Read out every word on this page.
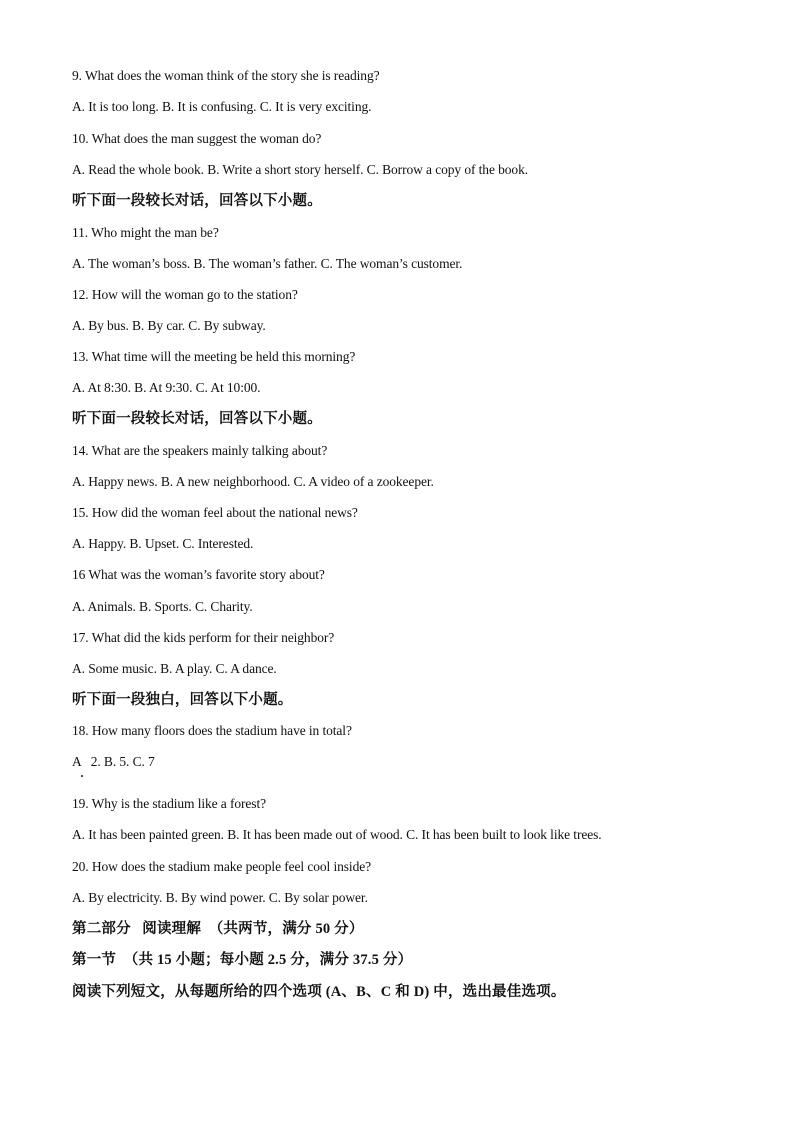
9. What does the woman think of the story she is reading?
A. It is too long. B. It is confusing. C. It is very exciting.
10. What does the man suggest the woman do?
A. Read the whole book. B. Write a short story herself. C. Borrow a copy of the book.
听下面一段较长对话，回答以下小题。
11. Who might the man be?
A. The woman’s boss. B. The woman’s father. C. The woman’s customer.
12. How will the woman go to the station?
A. By bus. B. By car. C. By subway.
13. What time will the meeting be held this morning?
A. At 8:30. B. At 9:30. C. At 10:00.
听下面一段较长对话，回答以下小题。
14. What are the speakers mainly talking about?
A. Happy news. B. A new neighborhood. C. A video of a zookeeper.
15. How did the woman feel about the national news?
A. Happy. B. Upset. C. Interested.
16 What was the woman’s favorite story about?
A. Animals. B. Sports. C. Charity.
17. What did the kids perform for their neighbor?
A. Some music. B. A play. C. A dance.
听下面一段独白，回答以下小题。
18. How many floors does the stadium have in total?
A   2. B. 5. C. 7
19. Why is the stadium like a forest?
A. It has been painted green. B. It has been made out of wood. C. It has been built to look like trees.
20. How does the stadium make people feel cool inside?
A. By electricity. B. By wind power. C. By solar power.
第二部分   阅读理解  （共两节，满分 50 分）
第一节  （共 15 小题；每小题 2.5 分，满分 37.5 分）
阅读下列短文，从每题所给的四个选项 (A、B、C 和 D) 中，选出最佳选项。
